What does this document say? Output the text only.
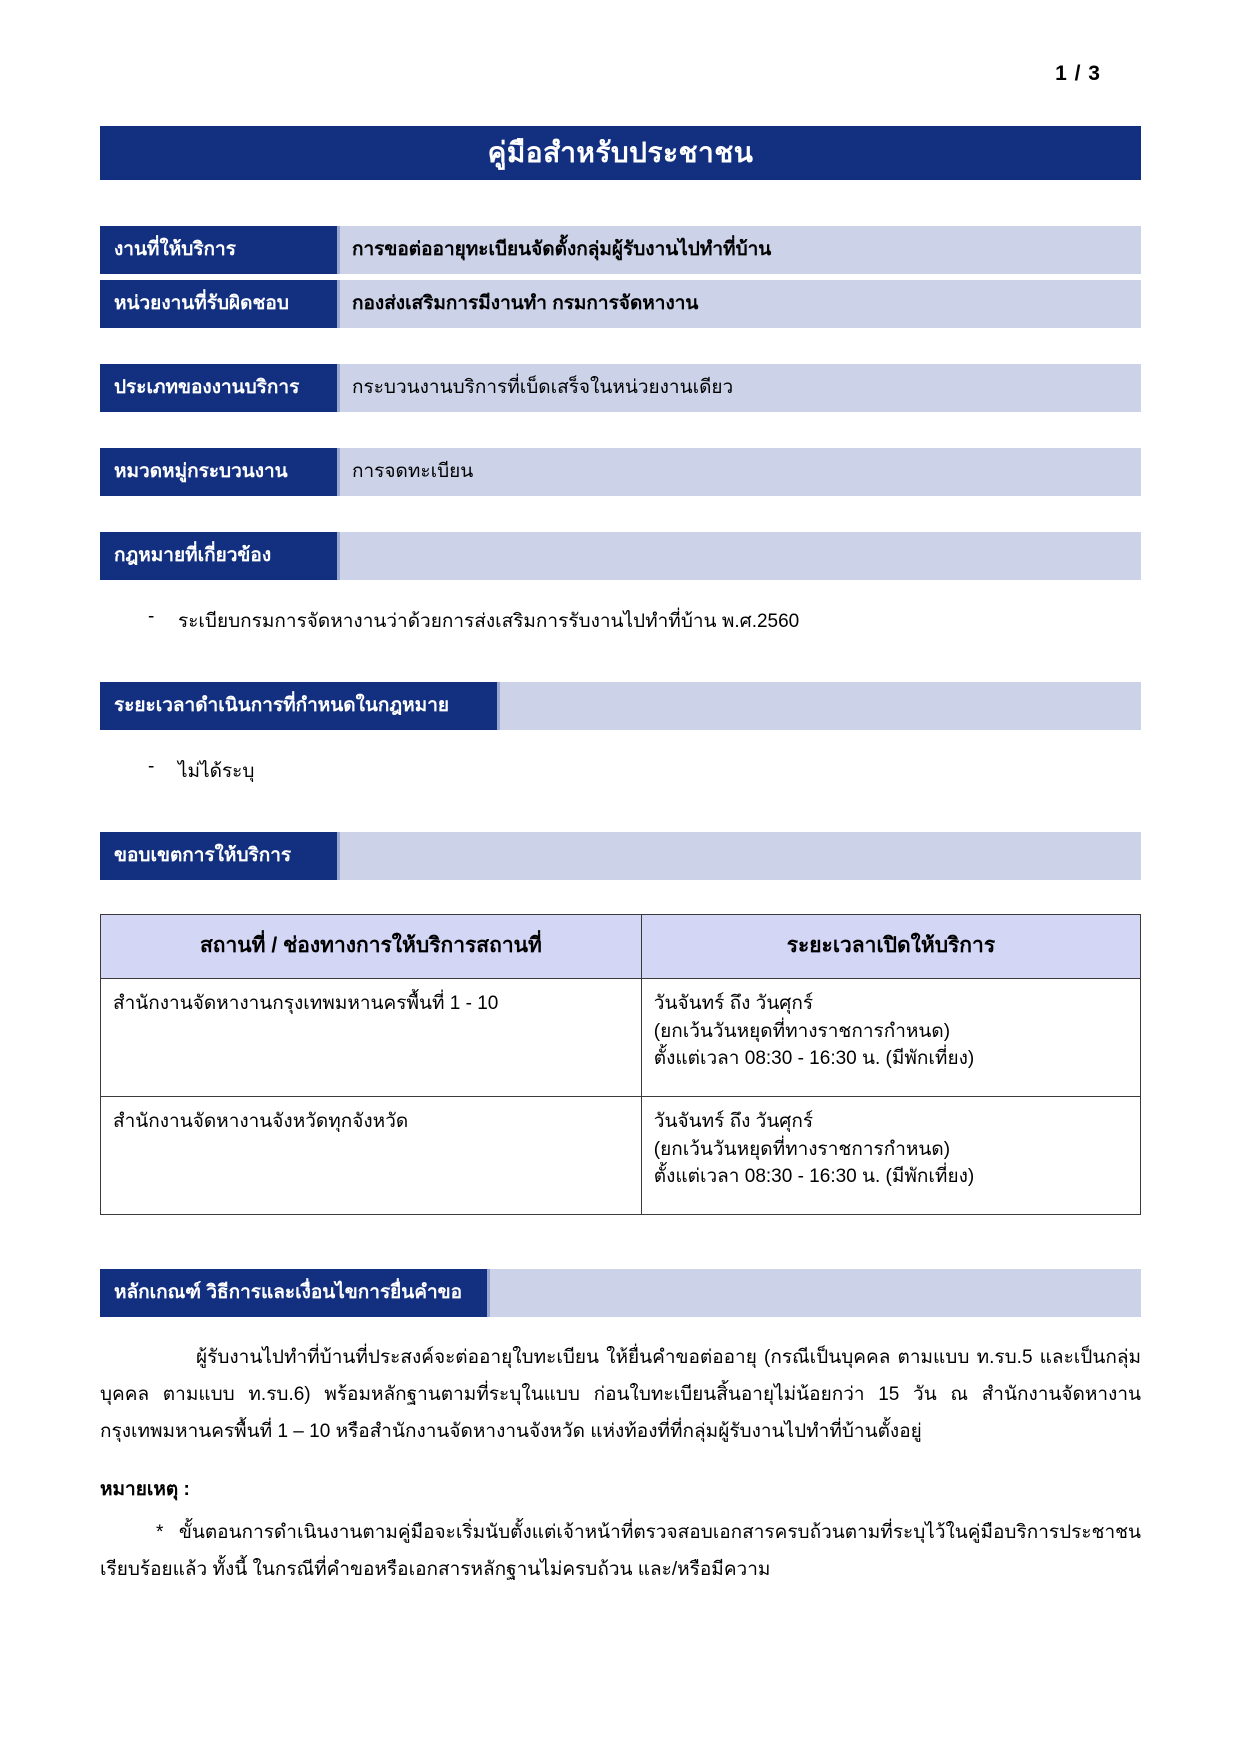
1 / 3
คู่มือสำหรับประชาชน
งานที่ให้บริการ	การขอต่ออายุทะเบียนจัดตั้งกลุ่มผู้รับงานไปทำที่บ้าน
หน่วยงานที่รับผิดชอบ	กองส่งเสริมการมีงานทำ กรมการจัดหางาน
ประเภทของงานบริการ	กระบวนงานบริการที่เบ็ดเสร็จในหน่วยงานเดียว
หมวดหมู่กระบวนงาน	การจดทะเบียน
กฎหมายที่เกี่ยวข้อง
-	ระเบียบกรมการจัดหางานว่าด้วยการส่งเสริมการรับงานไปทำที่บ้าน พ.ศ.2560
ระยะเวลาดำเนินการที่กำหนดในกฎหมาย
-	ไม่ได้ระบุ
ขอบเขตการให้บริการ
สถานที่ / ช่องทางการให้บริการสถานที่	ระยะเวลาเปิดให้บริการ

สำนักงานจัดหางานกรุงเทพมหานครพื้นที่ 1 - 10	วันจันทร์ ถึง วันศุกร์
(ยกเว้นวันหยุดที่ทางราชการกำหนด)
ตั้งแต่เวลา 08:30 - 16:30 น. (มีพักเที่ยง)

สำนักงานจัดหางานจังหวัดทุกจังหวัด	วันจันทร์ ถึง วันศุกร์
(ยกเว้นวันหยุดที่ทางราชการกำหนด)
ตั้งแต่เวลา 08:30 - 16:30 น. (มีพักเที่ยง)
หลักเกณฑ์ วิธีการและเงื่อนไขการยื่นคำขอ
ผู้รับงานไปทำที่บ้านที่ประสงค์จะต่ออายุใบทะเบียน ให้ยื่นคำขอต่ออายุ (กรณีเป็นบุคคล ตามแบบ ท.รบ.5 และเป็นกลุ่มบุคคล ตามแบบ ท.รบ.6) พร้อมหลักฐานตามที่ระบุในแบบ ก่อนใบทะเบียนสิ้นอายุไม่น้อยกว่า 15 วัน ณ สำนักงานจัดหางานกรุงเทพมหานครพื้นที่ 1 – 10 หรือสำนักงานจัดหางานจังหวัด แห่งท้องที่ที่กลุ่มผู้รับงานไปทำที่บ้านตั้งอยู่
หมายเหตุ :
* ขั้นตอนการดำเนินงานตามคู่มือจะเริ่มนับตั้งแต่เจ้าหน้าที่ตรวจสอบเอกสารครบถ้วนตามที่ระบุไว้ในคู่มือบริการประชาชนเรียบร้อยแล้ว ทั้งนี้ ในกรณีที่คำขอหรือเอกสารหลักฐานไม่ครบถ้วน และ/หรือมีความ
